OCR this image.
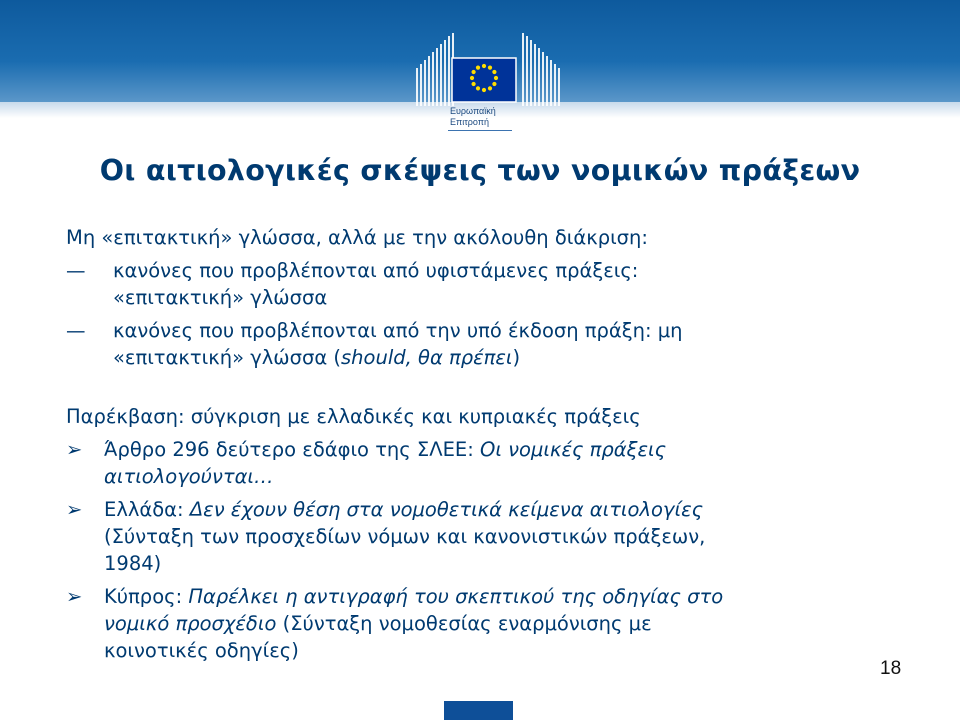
Ευρωπαϊκή
Επιτροπή
Οι αιτιολογικές σκέψεις των νομικών πράξεων

Μη «επιτακτική» γλώσσα, αλλά με την ακόλουθη διάκριση:

— κανόνες που προβλέπονται από υφιστάμενες πράξεις:
«επιτακτική» γλώσσα
— κανόνες που προβλέπονται από την υπό έκδοση πράξη: μη
«επιτακτική» γλώσσα (should, θα πρέπει)

Παρέκβαση: σύγκριση με ελλαδικές και κυπριακές πράξεις

➢ Άρθρο 296 δεύτερο εδάφιο της ΣΛΕΕ: Οι νομικές πράξεις
αιτιολογούνται…
➢ Ελλάδα: Δεν έχουν θέση στα νομοθετικά κείμενα αιτιολογίες
(Σύνταξη των προσχεδίων νόμων και κανονιστικών πράξεων,
1984)
➢ Κύπρος: Παρέλκει η αντιγραφή του σκεπτικού της οδηγίας στο
νομικό προσχέδιο (Σύνταξη νομοθεσίας εναρμόνισης με
κοινοτικές οδηγίες)
18
